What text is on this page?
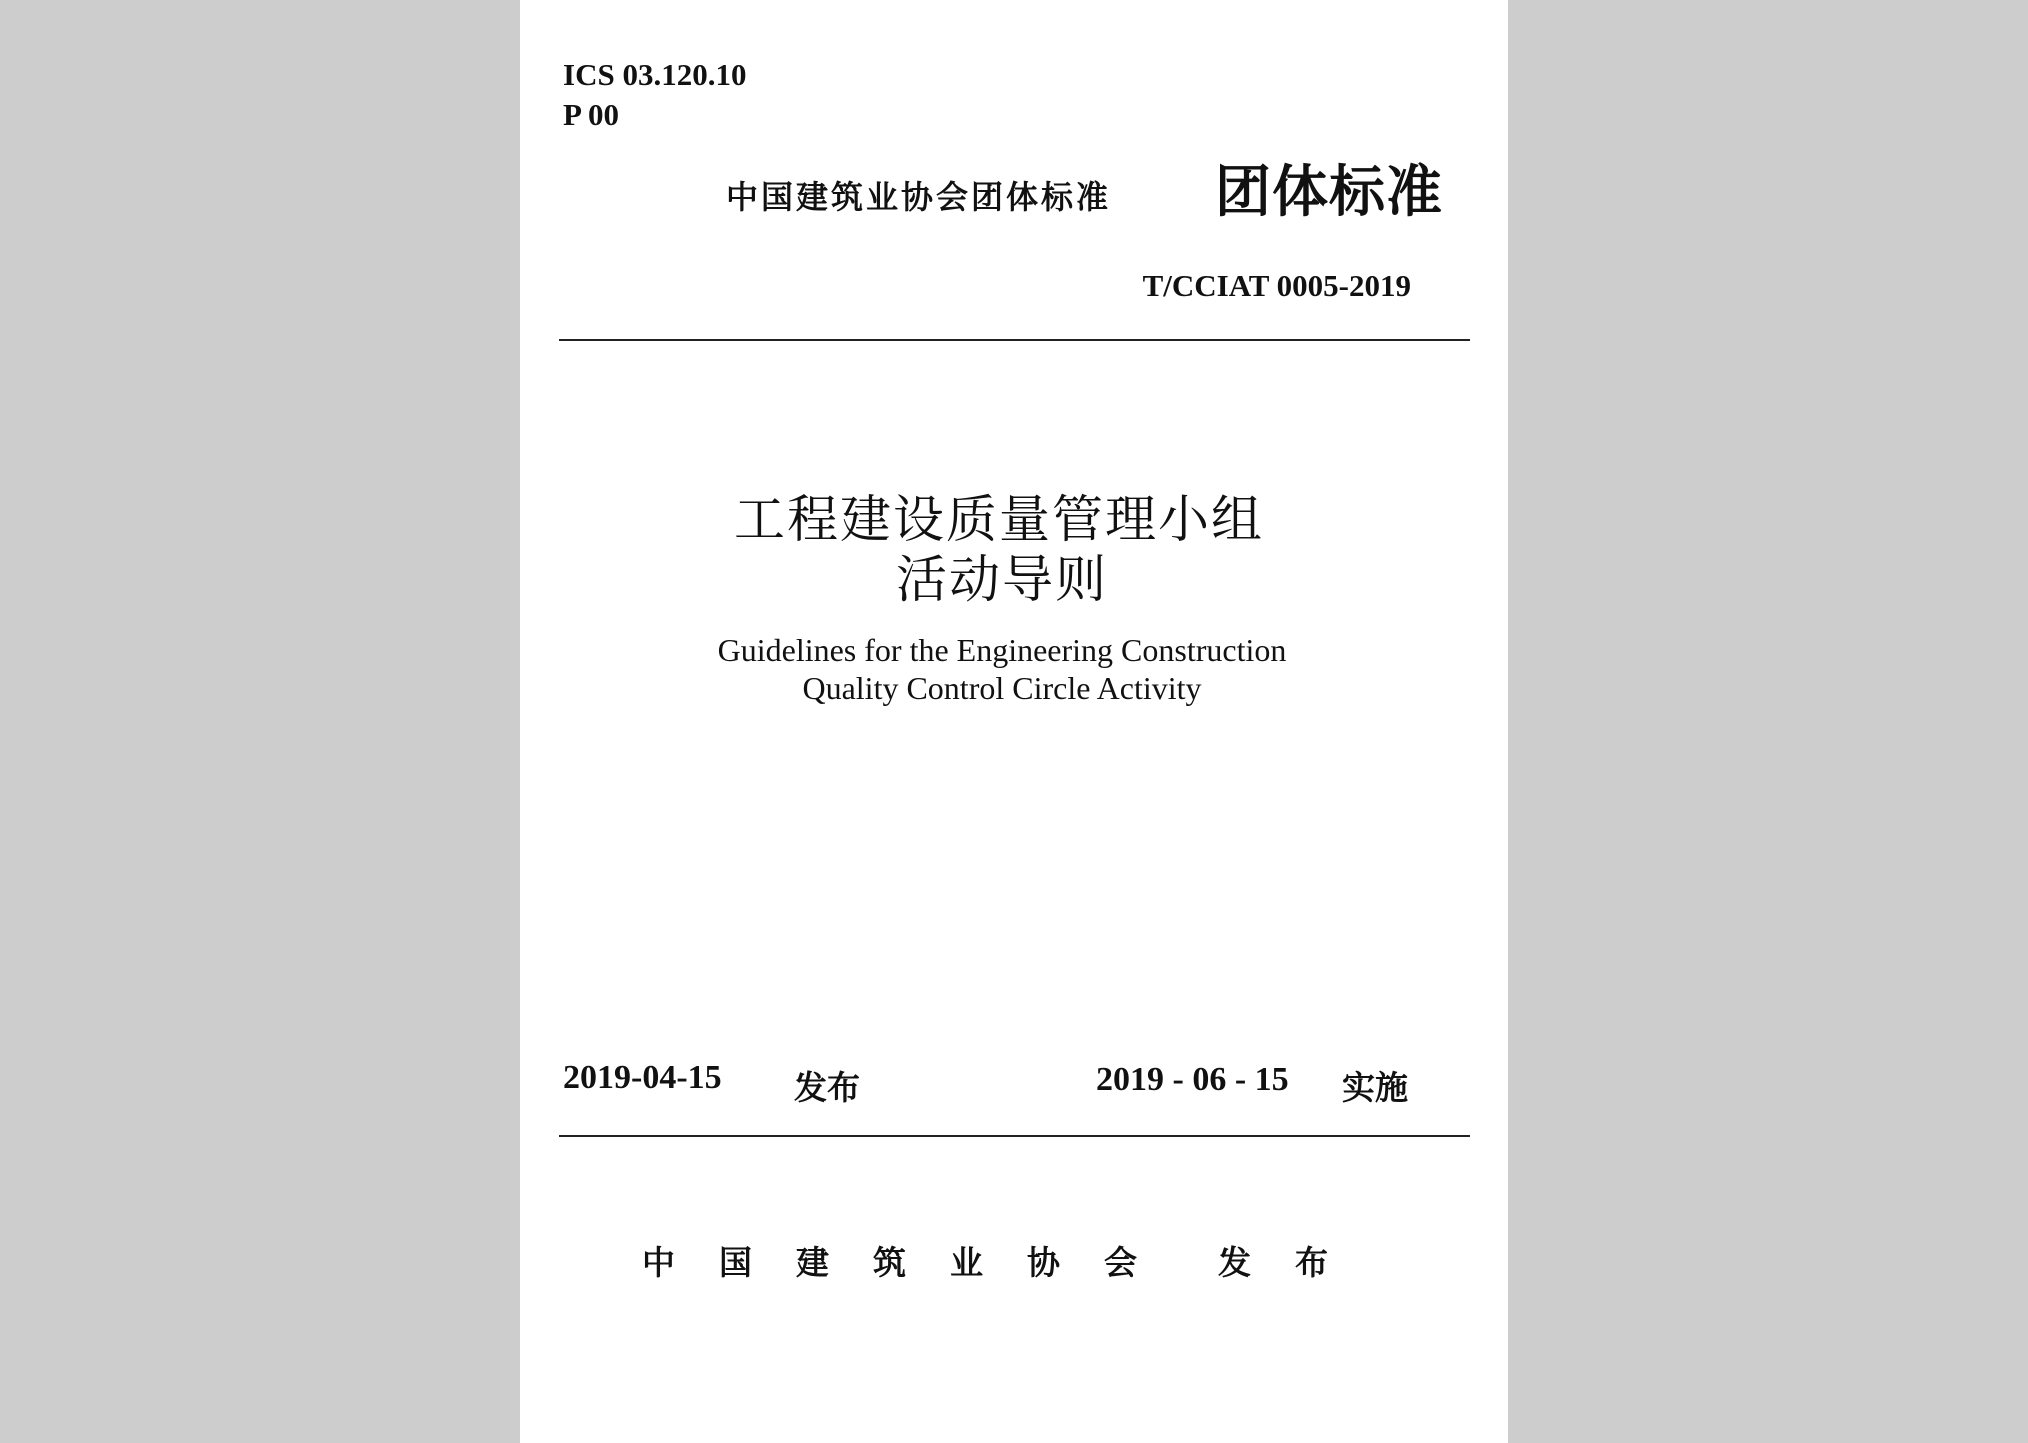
ICS 03.120.10
P 00
中国建筑业协会团体标准 团体标准
T/CCIAT 0005-2019
工程建设质量管理小组
活动导则
Guidelines for the Engineering Construction
Quality Control Circle Activity
2019-04-15 发布	2019 - 06 - 15 实施
中国建筑业协会 发布
